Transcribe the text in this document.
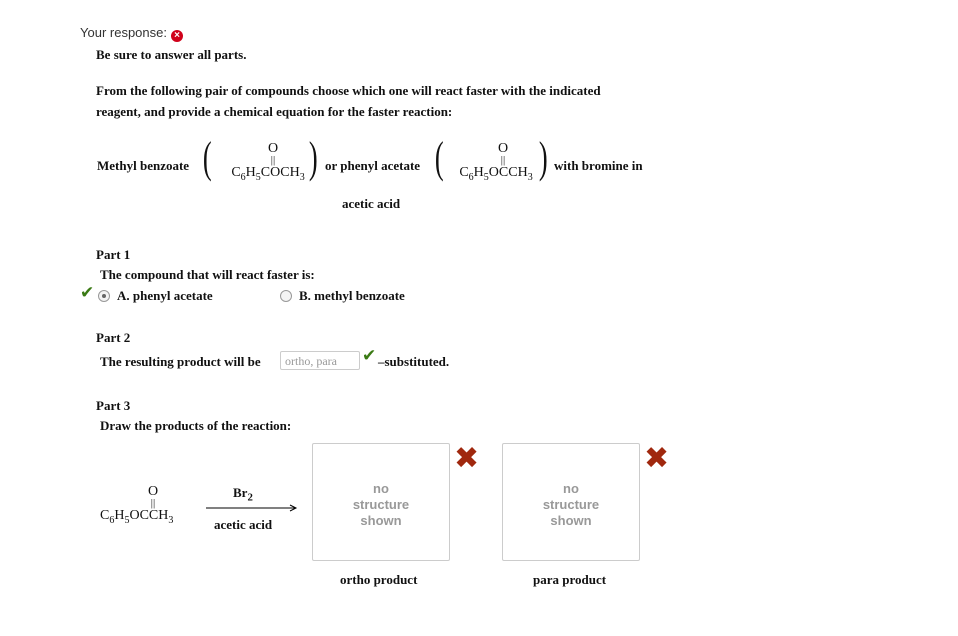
Your response: ×
Be sure to answer all parts.
From the following pair of compounds choose which one will react faster with the indicated
reagent, and provide a chemical equation for the faster reaction:
Methyl benzoate (	O
||
$C_6H_5COCH_3$ ) or phenyl acetate (	O
||
$C_6H_5OCCH_3$ ) with bromine in
acetic acid
Part 1
The compound that will react faster is:
✔ A. phenyl acetate	B. methyl benzoate
Part 2
The resulting product will be	ortho, para	✔ –substituted.
Part 3
Draw the products of the reaction:
O
||
$C_6H_5OCCH_3$
$Br_2$
acetic acid
no
structure
shown
✖
ortho product
no
structure
shown
✖
para product
